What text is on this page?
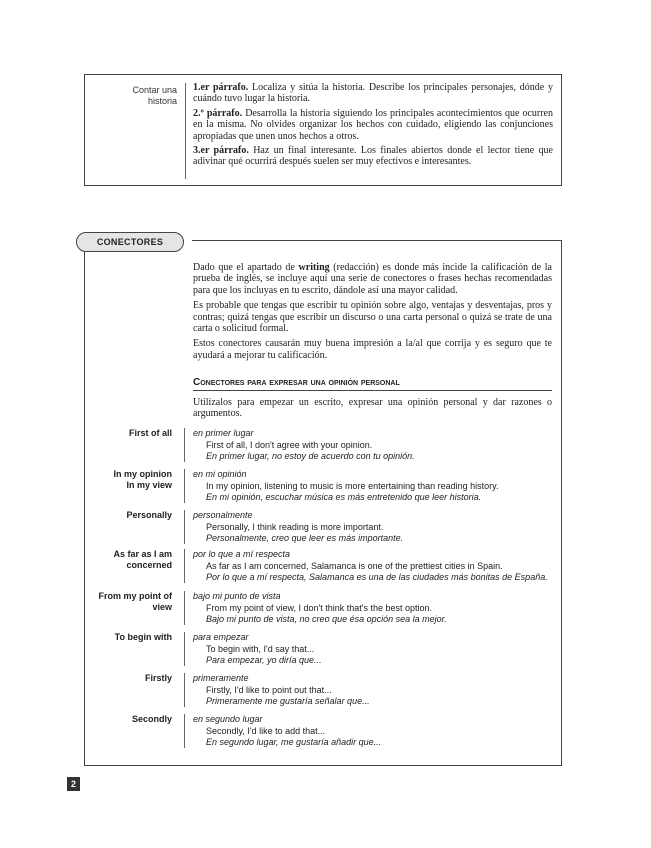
Contar una
historia

1.er párrafo. Localiza y sitúa la historia. Describe los principales personajes, dónde y cuándo tuvo lugar la historia.

2.º párrafo. Desarrolla la historia siguiendo los principales acontecimientos que ocurren en la misma. No olvides organizar los hechos con cuidado, eligiendo las conjunciones apropiadas que unen unos hechos a otros.

3.er párrafo. Haz un final interesante. Los finales abiertos donde el lector tiene que adivinar qué ocurrirá después suelen ser muy efectivos e interesantes.

CONECTORES

Dado que el apartado de writing (redacción) es donde más incide la calificación de la prueba de inglés, se incluye aquí una serie de conectores o frases hechas recomendadas para que los incluyas en tu escrito, dándole así una mayor calidad.

Es probable que tengas que escribir tu opinión sobre algo, ventajas y desventajas, pros y contras; quizá tengas que escribir un discurso o una carta personal o quizá se trate de una carta o solicitud formal.

Estos conectores causarán muy buena impresión a la/al que corrija y es seguro que te ayudará a mejorar tu calificación.

Conectores para expresar una opinión personal
Utilízalos para empezar un escrito, expresar una opinión personal y dar razones o argumentos.
First of all en primer lugar
First of all, I don't agree with your opinion.
En primer lugar, no estoy de acuerdo con tu opinión.
In my opinion
In my view
en mi opinión
In my opinion, listening to music is more entertaining than reading history.
En mi opinión, escuchar música es más entretenido que leer historia.
Personally personalmente
Personally, I think reading is more important.
Personalmente, creo que leer es más importante.
As far as I am
concerned
por lo que a mí respecta
As far as I am concerned, Salamanca is one of the prettiest cities in Spain.
Por lo que a mí respecta, Salamanca es una de las ciudades más bonitas de España.
From my point of
view
bajo mi punto de vista
From my point of view, I don't think that's the best option.
Bajo mi punto de vista, no creo que ésa opción sea la mejor.
To begin with para empezar
To begin with, I'd say that...
Para empezar, yo diría que...
Firstly primeramente
Firstly, I'd like to point out that...
Primeramente me gustaría señalar que...
Secondly en segundo lugar
Secondly, I'd like to add that...
En segundo lugar, me gustaría añadir que...
2
